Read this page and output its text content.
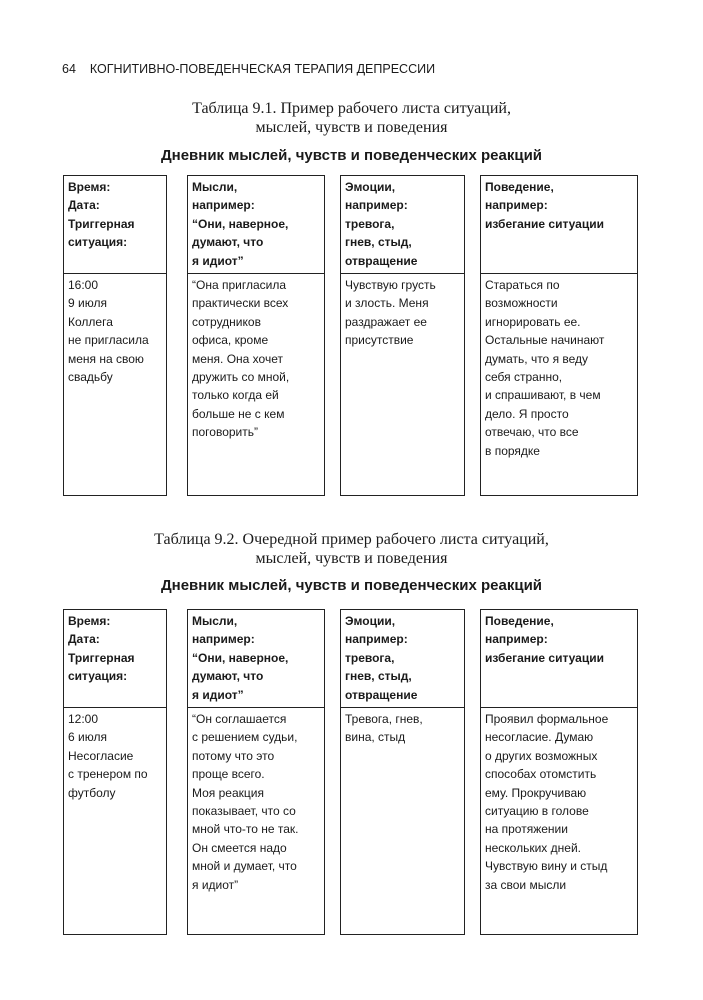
64 КОГНИТИВНО-ПОВЕДЕНЧЕСКАЯ ТЕРАПИЯ ДЕПРЕССИИ
Таблица 9.1. Пример рабочего листа ситуаций,
мыслей, чувств и поведения
Дневник мыслей, чувств и поведенческих реакций
Время:
Дата:
Триггерная
ситуация:
16:00
9 июля
Коллега
не пригласила
меня на свою
свадьбу
Мысли,
например:
“Они, наверное,
думают, что
я идиот”
“Она пригласила
практически всех
сотрудников
офиса, кроме
меня. Она хочет
дружить со мной,
только когда ей
больше не с кем
поговорить”
Эмоции,
например:
тревога,
гнев, стыд,
отвращение
Чувствую грусть
и злость. Меня
раздражает ее
присутствие
Поведение,
например:
избегание ситуации
Стараться по
возможности
игнорировать ее.
Остальные начинают
думать, что я веду
себя странно,
и спрашивают, в чем
дело. Я просто
отвечаю, что все
в порядке
Таблица 9.2. Очередной пример рабочего листа ситуаций,
мыслей, чувств и поведения
Дневник мыслей, чувств и поведенческих реакций
Время:
Дата:
Триггерная
ситуация:
12:00
6 июля
Несогласие
с тренером по
футболу
Мысли,
например:
“Они, наверное,
думают, что
я идиот”
“Он соглашается
с решением судьи,
потому что это
проще всего.
Моя реакция
показывает, что со
мной что-то не так.
Он смеется надо
мной и думает, что
я идиот”
Эмоции,
например:
тревога,
гнев, стыд,
отвращение
Тревога, гнев,
вина, стыд
Поведение,
например:
избегание ситуации
Проявил формальное
несогласие. Думаю
о других возможных
способах отомстить
ему. Прокручиваю
ситуацию в голове
на протяжении
нескольких дней.
Чувствую вину и стыд
за свои мысли
